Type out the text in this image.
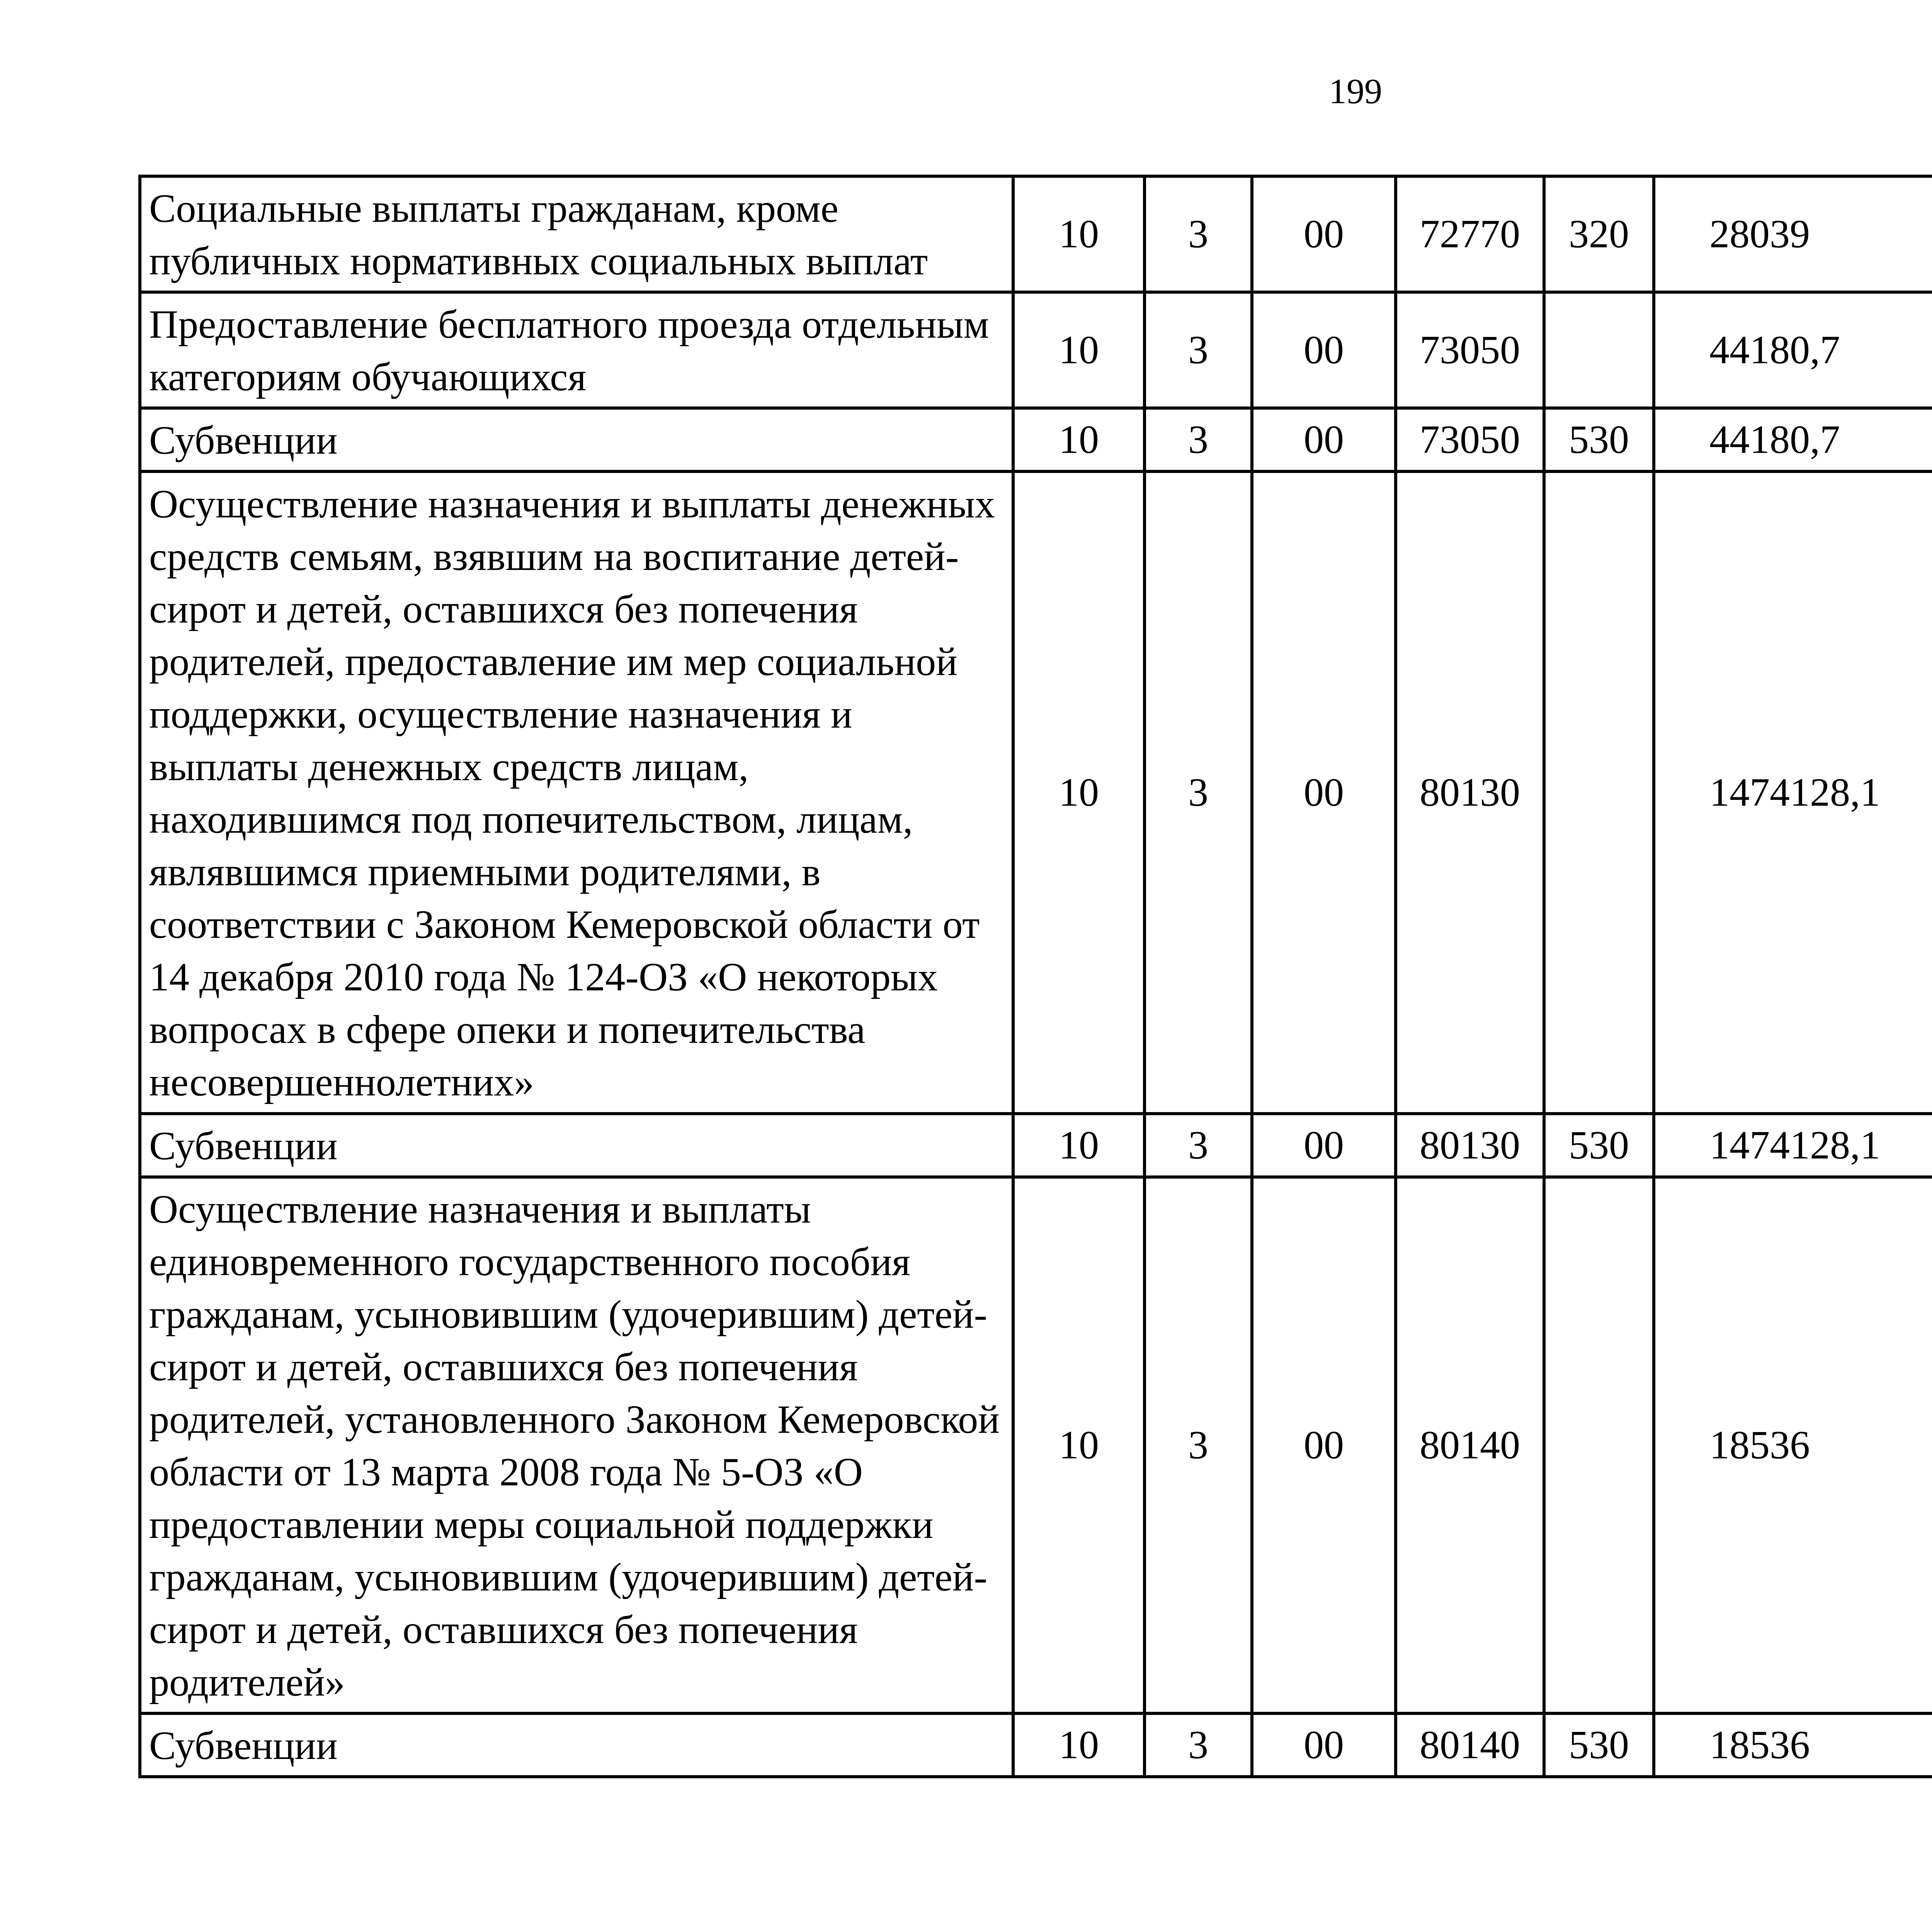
199
Социальные выплаты гражданам, кроме публичных нормативных социальных выплат	10	3	00	72770	320	28039		
Предоставление бесплатного проезда отдельным категориям обучающихся	10	3	00	73050		44180,7		
Субвенции	10	3	00	73050	530	44180,7		
Осуществление назначения и выплаты денежных средств семьям, взявшим на воспитание детей-сирот и детей, оставшихся без попечения родителей, предоставление им мер социальной поддержки, осуществление назначения и выплаты денежных средств лицам, находившимся под попечительством, лицам, являвшимся приемными родителями, в соответствии с Законом Кемеровской области от 14 декабря 2010 года № 124-ОЗ «О некоторых вопросах в сфере опеки и попечительства несовершеннолетних»	10	3	00	80130		1474128,1		
Субвенции	10	3	00	80130	530	1474128,1		
Осуществление назначения и выплаты единовременного государственного пособия гражданам, усыновившим (удочерившим) детей-сирот и детей, оставшихся без попечения родителей, установленного Законом Кемеровской области от 13 марта 2008 года № 5-ОЗ «О предоставлении меры социальной поддержки гражданам, усыновившим (удочерившим) детей-сирот и детей, оставшихся без попечения родителей»	10	3	00	80140		18536		
Субвенции	10	3	00	80140	530	18536		
